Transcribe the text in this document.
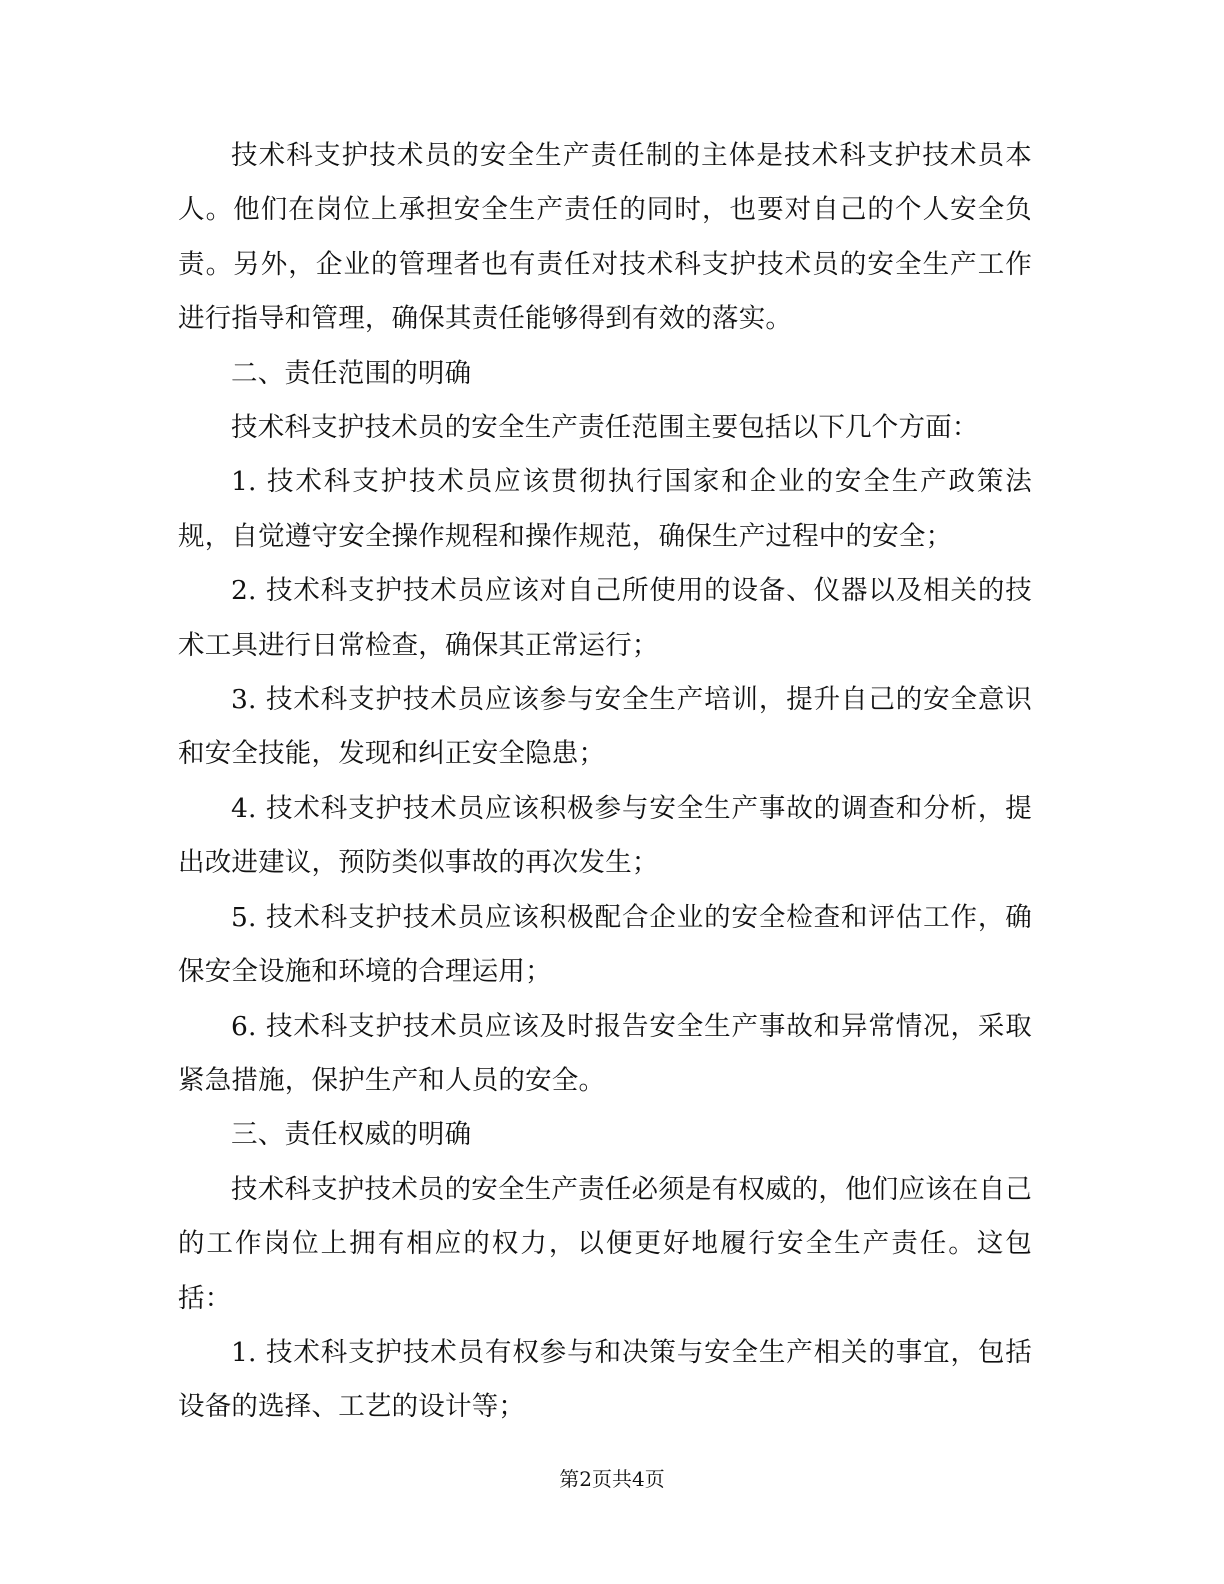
技术科支护技术员的安全生产责任制的主体是技术科支护技术员本人。他们在岗位上承担安全生产责任的同时，也要对自己的个人安全负责。另外，企业的管理者也有责任对技术科支护技术员的安全生产工作进行指导和管理，确保其责任能够得到有效的落实。

二、责任范围的明确

技术科支护技术员的安全生产责任范围主要包括以下几个方面：

1. 技术科支护技术员应该贯彻执行国家和企业的安全生产政策法规，自觉遵守安全操作规程和操作规范，确保生产过程中的安全；

2. 技术科支护技术员应该对自己所使用的设备、仪器以及相关的技术工具进行日常检查，确保其正常运行；

3. 技术科支护技术员应该参与安全生产培训，提升自己的安全意识和安全技能，发现和纠正安全隐患；

4. 技术科支护技术员应该积极参与安全生产事故的调查和分析，提出改进建议，预防类似事故的再次发生；

5. 技术科支护技术员应该积极配合企业的安全检查和评估工作，确保安全设施和环境的合理运用；

6. 技术科支护技术员应该及时报告安全生产事故和异常情况，采取紧急措施，保护生产和人员的安全。

三、责任权威的明确

技术科支护技术员的安全生产责任必须是有权威的，他们应该在自己的工作岗位上拥有相应的权力，以便更好地履行安全生产责任。这包括：

1. 技术科支护技术员有权参与和决策与安全生产相关的事宜，包括设备的选择、工艺的设计等；

第2页共4页
